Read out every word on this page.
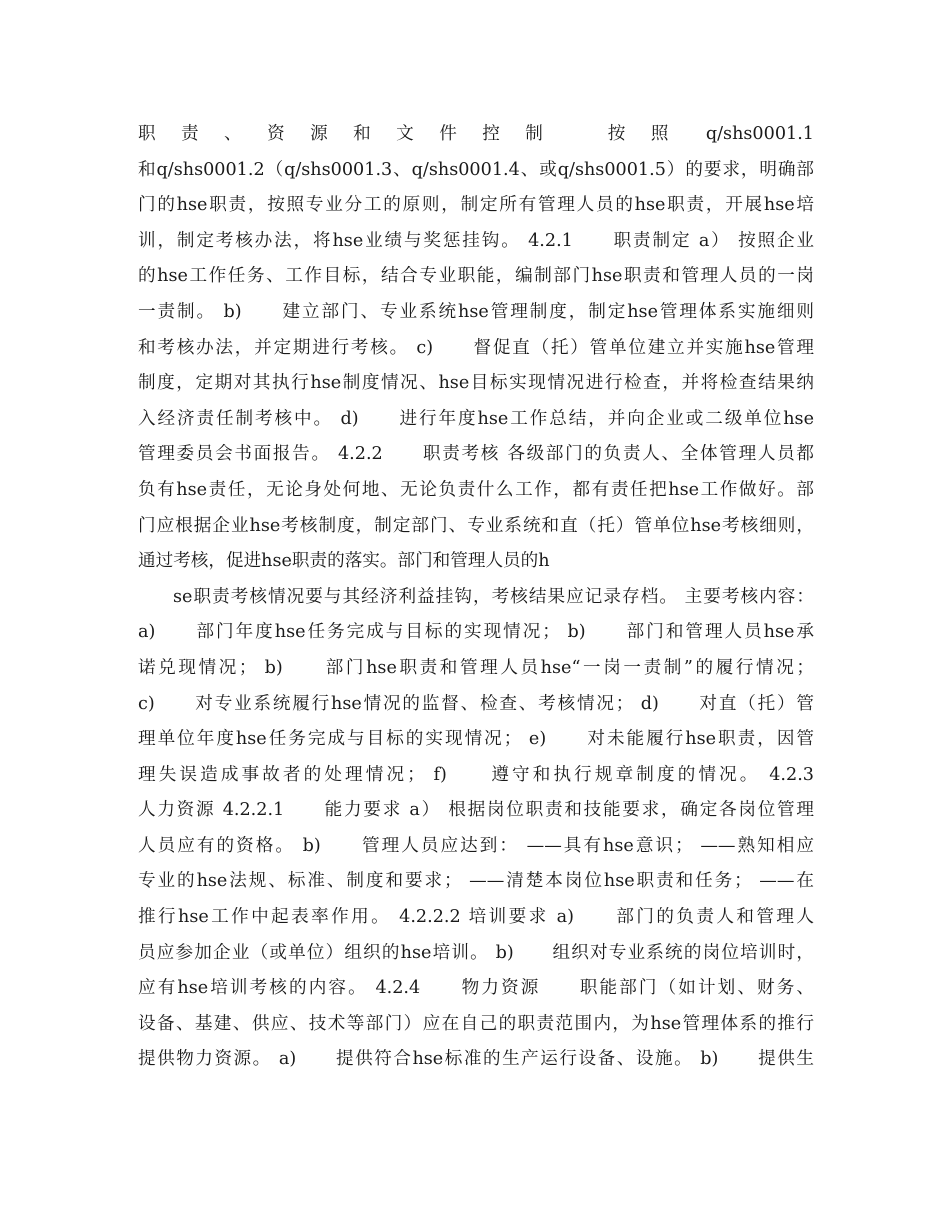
职 责 、 资 源 和 文 件 控 制　　按 照　q/shs0001.1
和q/shs0001.2（q/shs0001.3、q/shs0001.4、或q/shs0001.5）的要求，明确部
门的hse职责，按照专业分工的原则，制定所有管理人员的hse职责，开展hse培
训，制定考核办法，将hse业绩与奖惩挂钩。 4.2.1　　职责制定 a） 按照企业
的hse工作任务、工作目标，结合专业职能，编制部门hse职责和管理人员的一岗
一责制。 b)　　建立部门、专业系统hse管理制度，制定hse管理体系实施细则
和考核办法，并定期进行考核。 c)　　督促直（托）管单位建立并实施hse管理
制度，定期对其执行hse制度情况、hse目标实现情况进行检查，并将检查结果纳
入经济责任制考核中。 d)　　进行年度hse工作总结，并向企业或二级单位hse
管理委员会书面报告。 4.2.2　　职责考核 各级部门的负责人、全体管理人员都
负有hse责任，无论身处何地、无论负责什么工作，都有责任把hse工作做好。部
门应根据企业hse考核制度，制定部门、专业系统和直（托）管单位hse考核细则，
通过考核，促进hse职责的落实。部门和管理人员的h
se职责考核情况要与其经济利益挂钩，考核结果应记录存档。 主要考核内容：
a)　　部门年度hse任务完成与目标的实现情况； b)　　部门和管理人员hse承
诺兑现情况； b)　　部门hse职责和管理人员hse“一岗一责制”的履行情况；
c)　　对专业系统履行hse情况的监督、检查、考核情况； d)　　对直（托）管
理单位年度hse任务完成与目标的实现情况； e)　　对未能履行hse职责，因管
理失误造成事故者的处理情况； f)　　遵守和执行规章制度的情况。 4.2.3
人力资源 4.2.2.1　　能力要求 a） 根据岗位职责和技能要求，确定各岗位管理
人员应有的资格。 b)　　管理人员应达到： ——具有hse意识； ——熟知相应
专业的hse法规、标准、制度和要求； ——清楚本岗位hse职责和任务； ——在
推行hse工作中起表率作用。 4.2.2.2 培训要求 a)　　部门的负责人和管理人
员应参加企业（或单位）组织的hse培训。 b)　　组织对专业系统的岗位培训时，
应有hse培训考核的内容。 4.2.4　　物力资源　　职能部门（如计划、财务、
设备、基建、供应、技术等部门）应在自己的职责范围内，为hse管理体系的推行
提供物力资源。 a)　　提供符合hse标准的生产运行设备、设施。 b)　　提供生
